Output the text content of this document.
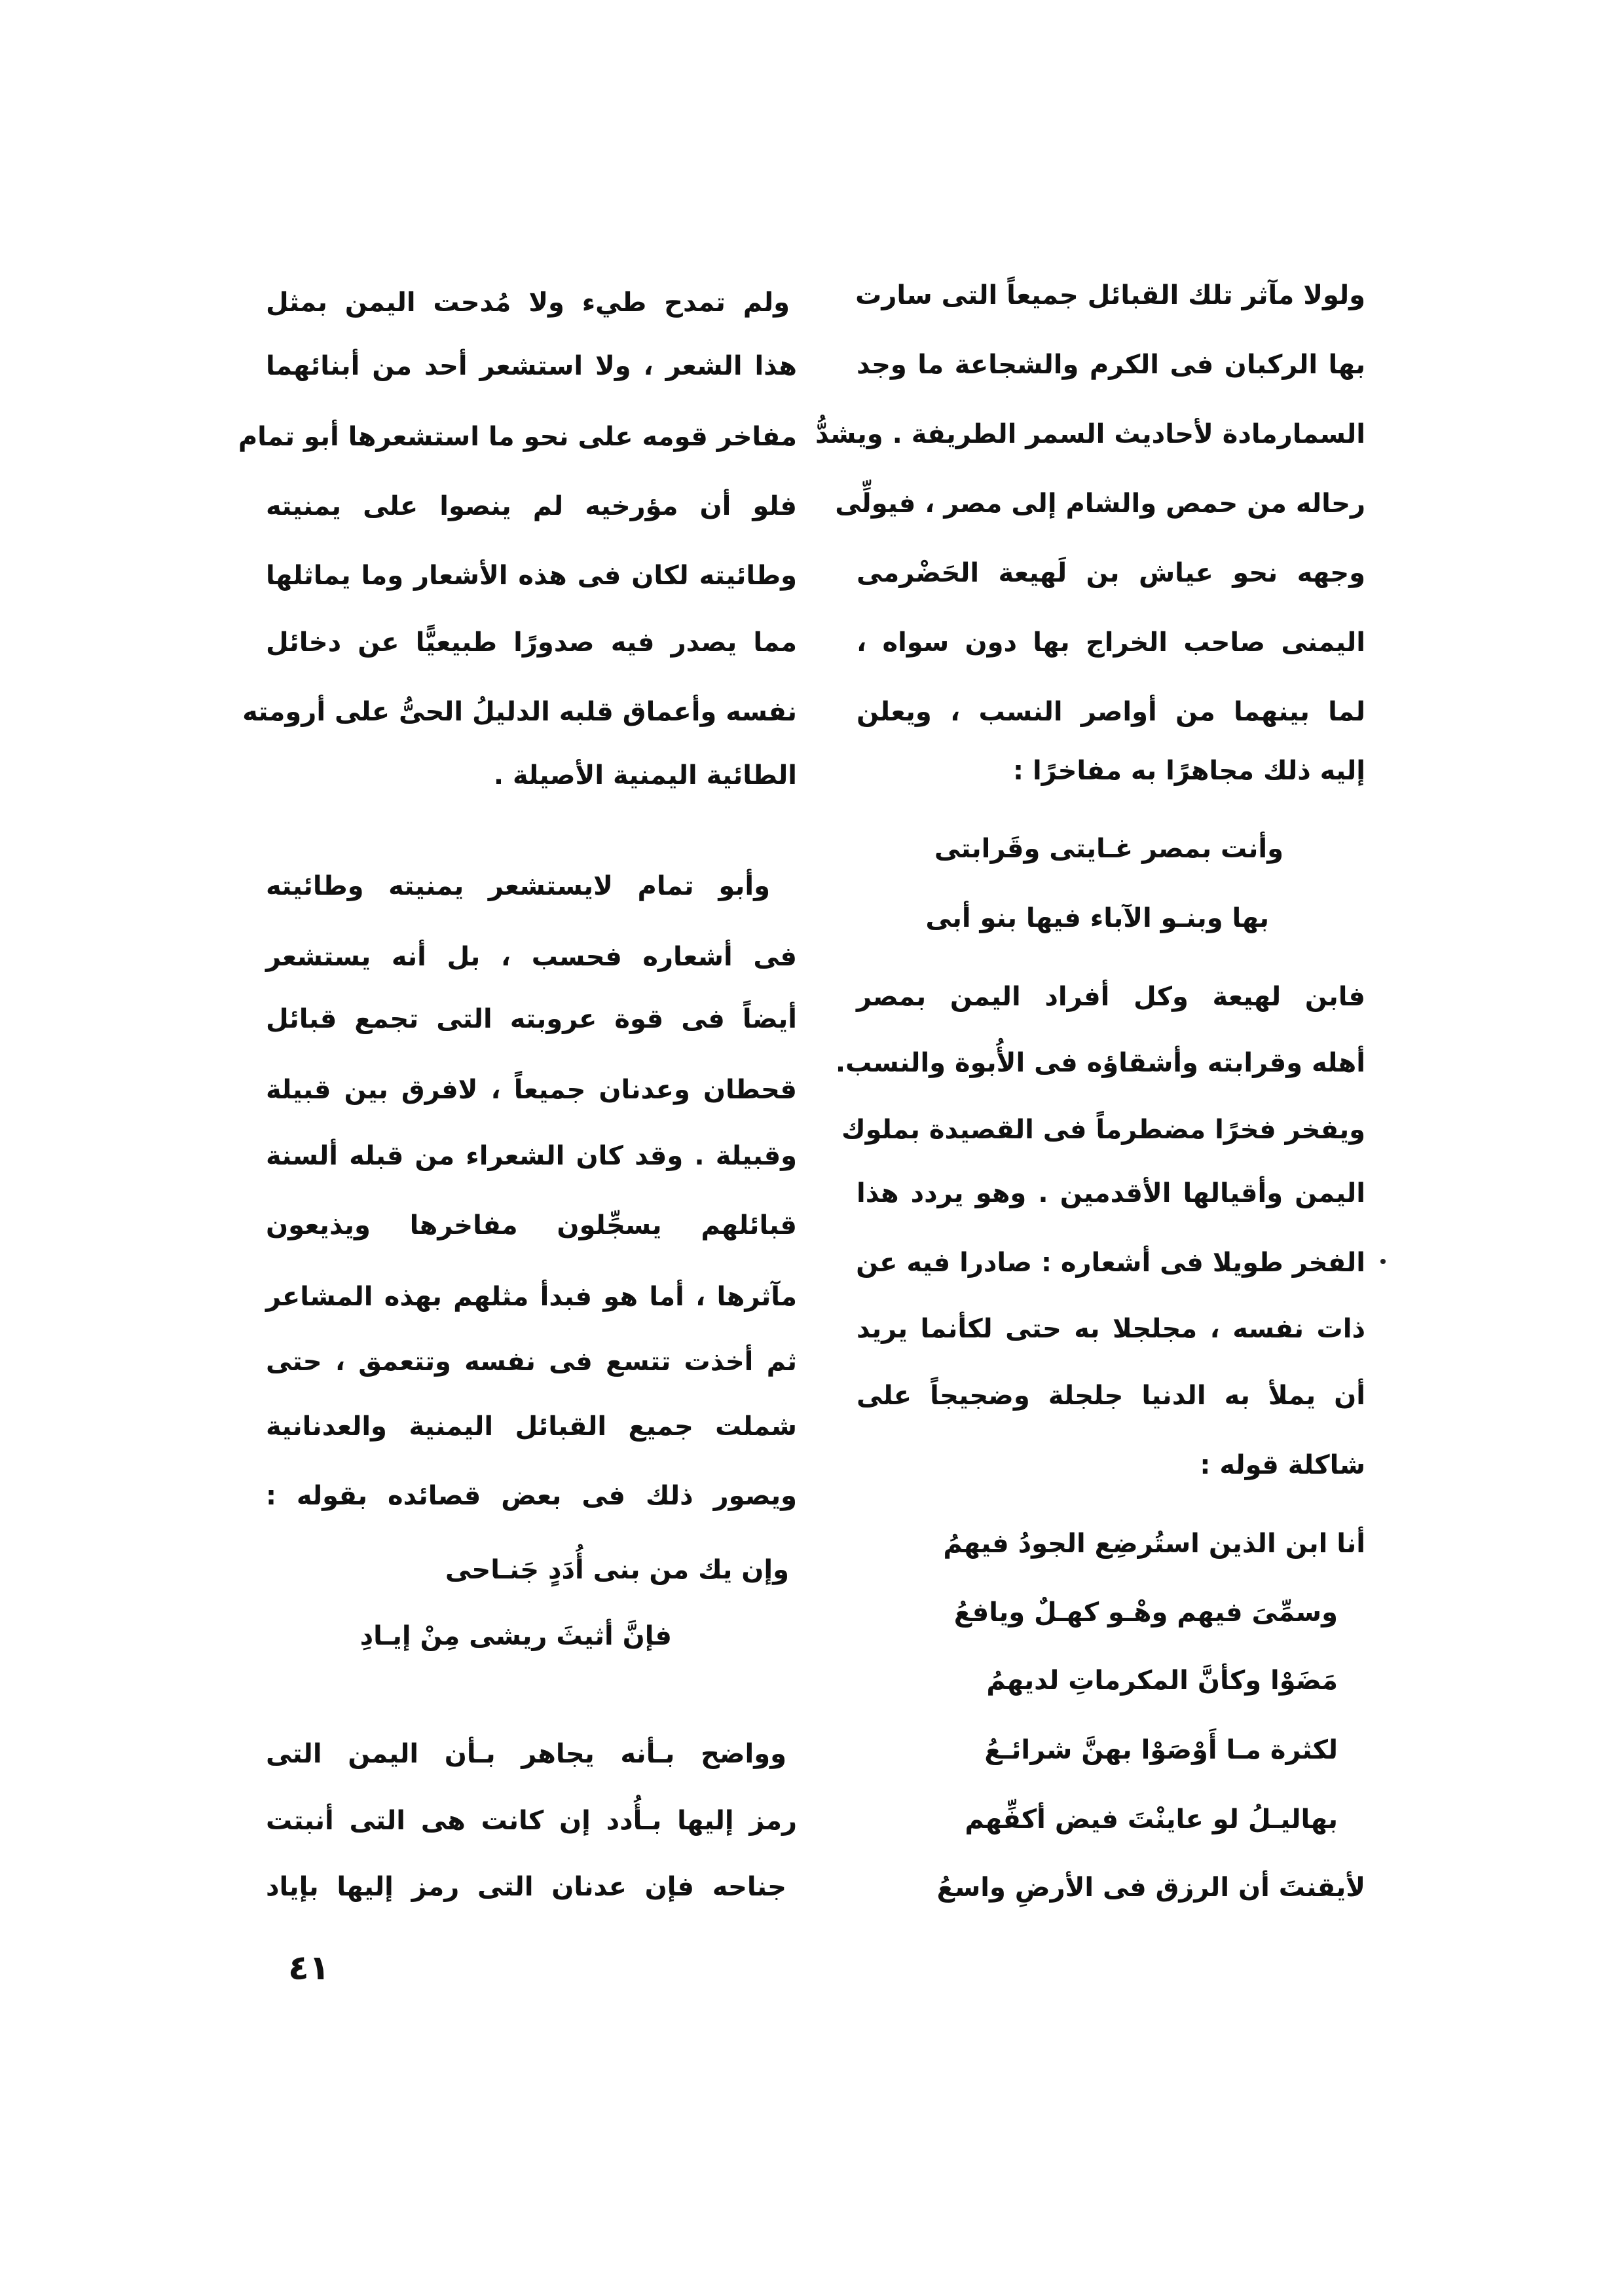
ولولا مآثر تلك القبائل جميعاً التى سارت
بها الركبان فى الكرم والشجاعة ما وجد
السمارمادة لأحاديث السمر الطريفة . ويشدُّ
رحاله من حمص والشام إلى مصر ، فيولِّى
وجهه نحو عياش بن لَهيعة الحَضْرمى
اليمنى صاحب الخراج بها دون سواه ،
لما بينهما من أواصر النسب ، ويعلن
إليه ذلك مجاهرًا به مفاخرًا :
وأنت بمصر غـايتى وقَرابتى
بها وبنـو الآباء فيها بنو أبى
فابن لهيعة وكل أفراد اليمن بمصر
أهله وقرابته وأشقاؤه فى الأُبوة والنسب.
ويفخر فخرًا مضطرماً فى القصيدة بملوك
اليمن وأقيالها الأقدمين . وهو يردد هذا
الفخر طويلا فى أشعاره : صادرا فيه عن
ذات نفسه ، مجلجلا به حتى لكأنما يريد
أن يملأ به الدنيا جلجلة وضجيجاً على
شاكلة قوله :
أنا ابن الذين استُرضِع الجودُ فيهمُ
وسمِّىَ فيهم وهْـو كهـلٌ ويافعُ
مَضَوْا وكأنَّ المكرماتِ لديهمُ
لكثرة مـا أَوْصَوْا بهنَّ شرائـعُ
بهاليـلُ لو عاينْتَ فيض أكفِّهم
لأيقنتَ أن الرزق فى الأرضِ واسعُ
ولم تمدح طيء ولا مُدحت اليمن بمثل
هذا الشعر ، ولا استشعر أحد من أبنائهما
مفاخر قومه على نحو ما استشعرها أبو تمام
فلو أن مؤرخيه لم ينصوا على يمنيته
وطائيته لكان فى هذه الأشعار وما يماثلها
مما يصدر فيه صدورًا طبيعيًّا عن دخائل
نفسه وأعماق قلبه الدليلُ الحىُّ على أرومته
الطائية اليمنية الأصيلة .
وأبو تمام لايستشعر يمنيته وطائيته
فى أشعاره فحسب ، بل أنه يستشعر
أيضاً فى قوة عروبته التى تجمع قبائل
قحطان وعدنان جميعاً ، لافرق بين قبيلة
وقبيلة . وقد كان الشعراء من قبله ألسنة
قبائلهم يسجِّلون مفاخرها ويذيعون
مآثرها ، أما هو فبدأ مثلهم بهذه المشاعر
ثم أخذت تتسع فى نفسه وتتعمق ، حتى
شملت جميع القبائل اليمنية والعدنانية
ويصور ذلك فى بعض قصائده بقوله :
وإن يك من بنى أُدَدٍ جَنـاحى
فإنَّ أثيثَ ريشى مِنْ إيـادِ
وواضح بـأنه يجاهر بـأن اليمن التى
رمز إليها بـأُدد إن كانت هى التى أنبتت
جناحه فإن عدنان التى رمز إليها بإياد
٤١
